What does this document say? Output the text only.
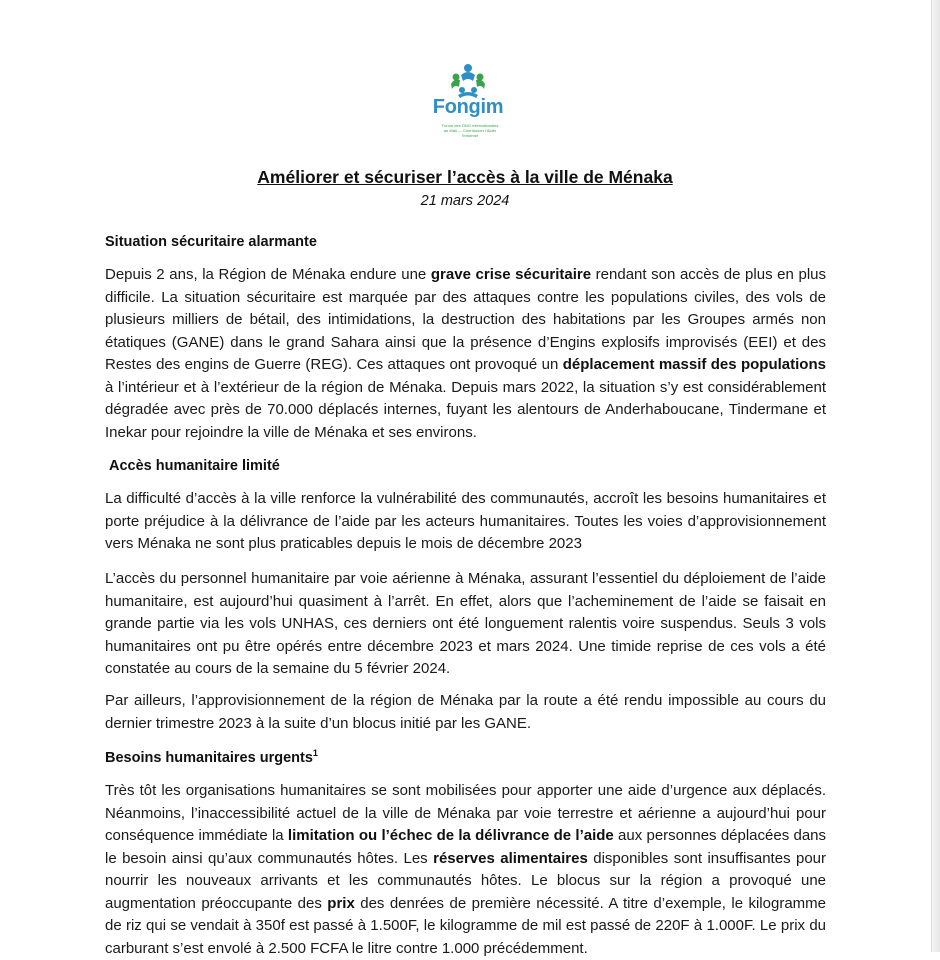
Fongim
Forum des ONG Internationales au Mali — Coordonner l'Aider l'Informer
Améliorer et sécuriser l’accès à la ville de Ménaka
21 mars 2024
Situation sécuritaire alarmante
Depuis 2 ans, la Région de Ménaka endure une grave crise sécuritaire rendant son accès de plus en plus difficile. La situation sécuritaire est marquée par des attaques contre les populations civiles, des vols de plusieurs milliers de bétail, des intimidations, la destruction des habitations par les Groupes armés non étatiques (GANE) dans le grand Sahara ainsi que la présence d’Engins explosifs improvisés (EEI) et des Restes des engins de Guerre (REG). Ces attaques ont provoqué un déplacement massif des populations à l’intérieur et à l’extérieur de la région de Ménaka. Depuis mars 2022, la situation s’y est considérablement dégradée avec près de 70.000 déplacés internes, fuyant les alentours de Anderhaboucane, Tindermane et Inekar pour rejoindre la ville de Ménaka et ses environs.
Accès humanitaire limité
La difficulté d’accès à la ville renforce la vulnérabilité des communautés, accroît les besoins humanitaires et porte préjudice à la délivrance de l’aide par les acteurs humanitaires. Toutes les voies d’approvisionnement vers Ménaka ne sont plus praticables depuis le mois de décembre 2023
L’accès du personnel humanitaire par voie aérienne à Ménaka, assurant l’essentiel du déploiement de l’aide humanitaire, est aujourd’hui quasiment à l’arrêt. En effet, alors que l’acheminement de l’aide se faisait en grande partie via les vols UNHAS, ces derniers ont été longuement ralentis voire suspendus. Seuls 3 vols humanitaires ont pu être opérés entre décembre 2023 et mars 2024. Une timide reprise de ces vols a été constatée au cours de la semaine du 5 février 2024.
Par ailleurs, l’approvisionnement de la région de Ménaka par la route a été rendu impossible au cours du dernier trimestre 2023 à la suite d’un blocus initié par les GANE.
Besoins humanitaires urgents$^1$
Très tôt les organisations humanitaires se sont mobilisées pour apporter une aide d’urgence aux déplacés. Néanmoins, l’inaccessibilité actuel de la ville de Ménaka par voie terrestre et aérienne a aujourd’hui pour conséquence immédiate la limitation ou l’échec de la délivrance de l’aide aux personnes déplacées dans le besoin ainsi qu’aux communautés hôtes. Les réserves alimentaires disponibles sont insuffisantes pour nourrir les nouveaux arrivants et les communautés hôtes. Le blocus sur la région a provoqué une augmentation préoccupante des prix des denrées de première nécessité. A titre d’exemple, le kilogramme de riz qui se vendait à 350f est passé à 1.500F, le kilogramme de mil est passé de 220F à 1.000F. Le prix du carburant s’est envolé à 2.500 FCFA le litre contre 1.000 précédemment.
